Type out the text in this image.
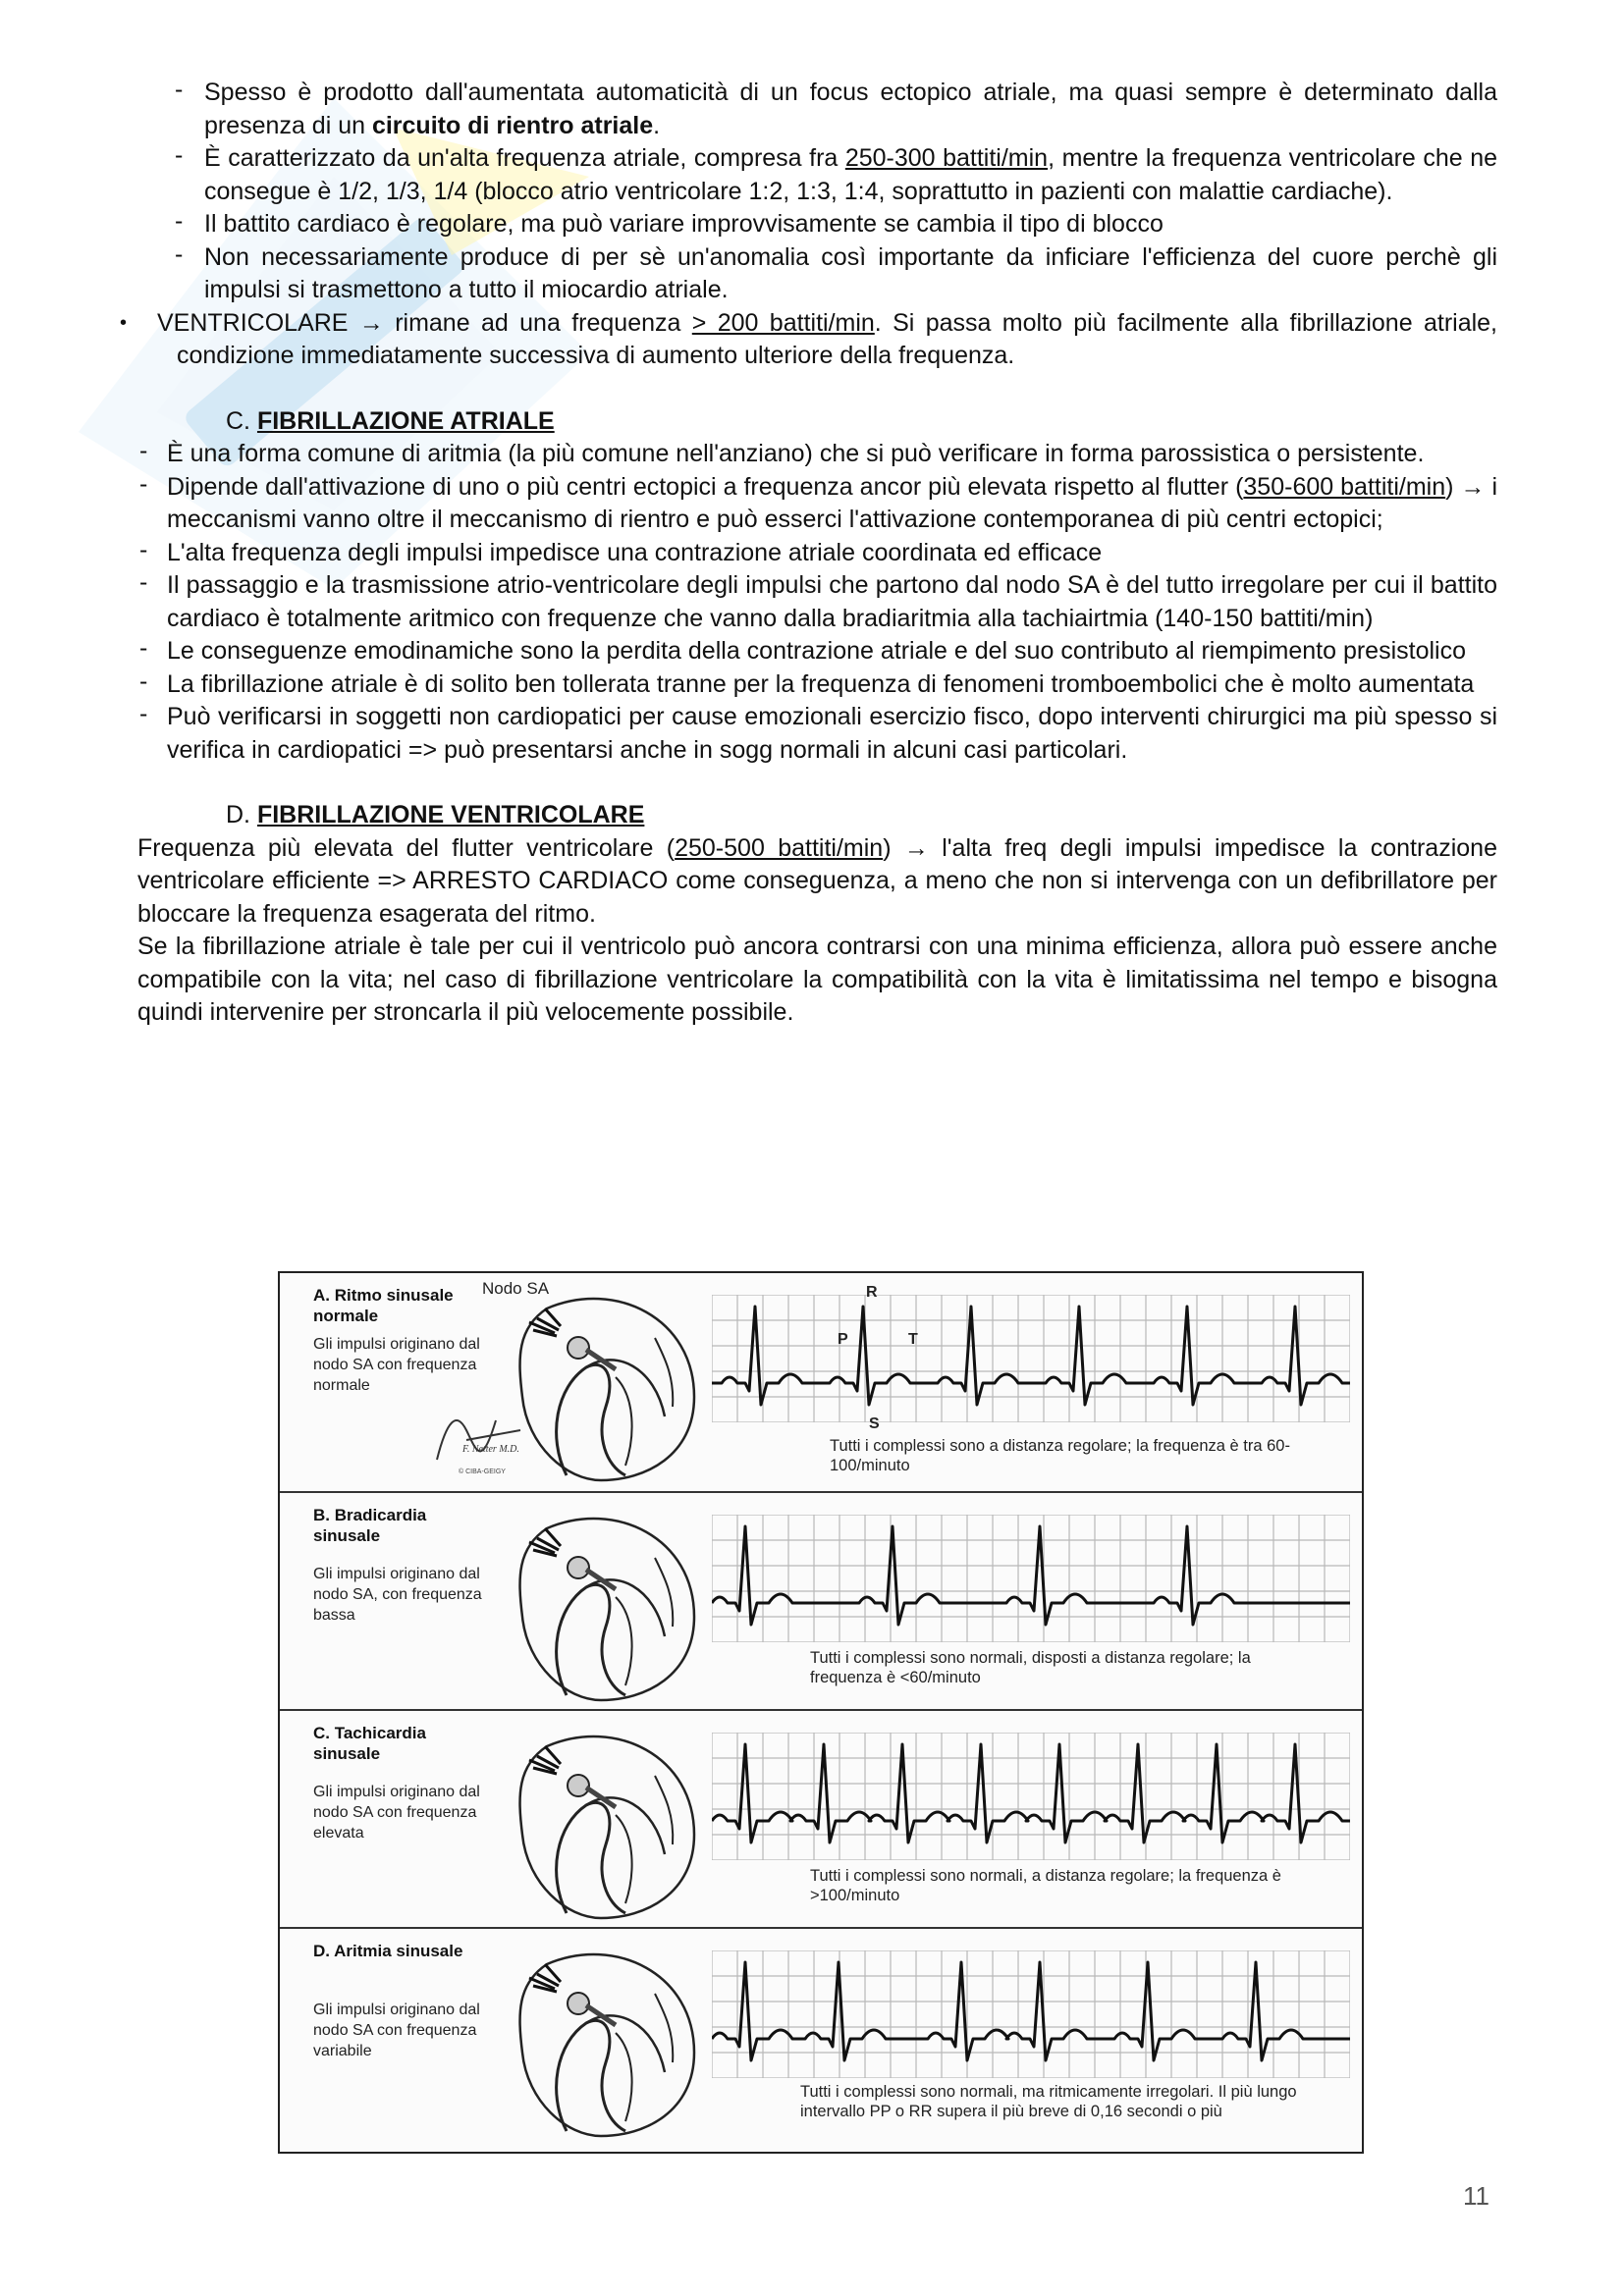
- Spesso è prodotto dall'aumentata automaticità di un focus ectopico atriale, ma quasi sempre è determinato dalla presenza di un circuito di rientro atriale.
- È caratterizzato da un'alta frequenza atriale, compresa fra 250-300 battiti/min, mentre la frequenza ventricolare che ne consegue è 1/2, 1/3, 1/4 (blocco atrio ventricolare 1:2, 1:3, 1:4, soprattutto in pazienti con malattie cardiache).
- Il battito cardiaco è regolare, ma può variare improvvisamente se cambia il tipo di blocco
- Non necessariamente produce di per sè un'anomalia così importante da inficiare l'efficienza del cuore perchè gli impulsi si trasmettono a tutto il miocardio atriale.
•	VENTRICOLARE → rimane ad una frequenza > 200 battiti/min. Si passa molto più facilmente alla fibrillazione atriale, condizione immediatamente successiva di aumento ulteriore della frequenza.
C. FIBRILLAZIONE ATRIALE
- È una forma comune di aritmia (la più comune nell'anziano) che si può verificare in forma parossistica o persistente.
- Dipende dall'attivazione di uno o più centri ectopici a frequenza ancor più elevata rispetto al flutter (350-600 battiti/min) → i meccanismi vanno oltre il meccanismo di rientro e può esserci l'attivazione contemporanea di più centri ectopici;
- L'alta frequenza degli impulsi impedisce una contrazione atriale coordinata ed efficace
- Il passaggio e la trasmissione atrio-ventricolare degli impulsi che partono dal nodo SA è del tutto irregolare per cui il battito cardiaco è totalmente aritmico con frequenze che vanno dalla bradiaritmia alla tachiairtmia (140-150 battiti/min)
- Le conseguenze emodinamiche sono la perdita della contrazione atriale e del suo contributo al riempimento presistolico
- La fibrillazione atriale è di solito ben tollerata tranne per la frequenza di fenomeni tromboembolici che è molto aumentata
- Può verificarsi in soggetti non cardiopatici per cause emozionali esercizio fisco, dopo interventi chirurgici ma più spesso si verifica in cardiopatici => può presentarsi anche in sogg normali in alcuni casi particolari.
D. FIBRILLAZIONE VENTRICOLARE
Frequenza più elevata del flutter ventricolare (250-500 battiti/min) → l'alta freq degli impulsi impedisce la contrazione ventricolare efficiente => ARRESTO CARDIACO come conseguenza, a meno che non si intervenga con un defibrillatore per bloccare la frequenza esagerata del ritmo.
Se la fibrillazione atriale è tale per cui il ventricolo può ancora contrarsi con una minima efficienza, allora può essere anche compatibile con la vita; nel caso di fibrillazione ventricolare la compatibilità con la vita è limitatissima nel tempo e bisogna quindi intervenire per stroncarla il più velocemente possibile.
A. Ritmo sinusale normale
Gli impulsi originano dal nodo SA con frequenza normale
Nodo SA
F. Netter M.D.
© CIBA-GEIGY
R
P	T
S
Tutti i complessi sono a distanza regolare; la frequenza è tra 60-100/minuto
B. Bradicardia sinusale
Gli impulsi originano dal nodo SA, con frequenza bassa
Tutti i complessi sono normali, disposti a distanza regolare; la frequenza è <60/minuto
C. Tachicardia sinusale
Gli impulsi originano dal nodo SA con frequenza elevata
Tutti i complessi sono normali, a distanza regolare; la frequenza è >100/minuto
D. Aritmia sinusale
Gli impulsi originano dal nodo SA con frequenza variabile
Tutti i complessi sono normali, ma ritmicamente irregolari. Il più lungo intervallo PP o RR supera il più breve di 0,16 secondi o più
11
